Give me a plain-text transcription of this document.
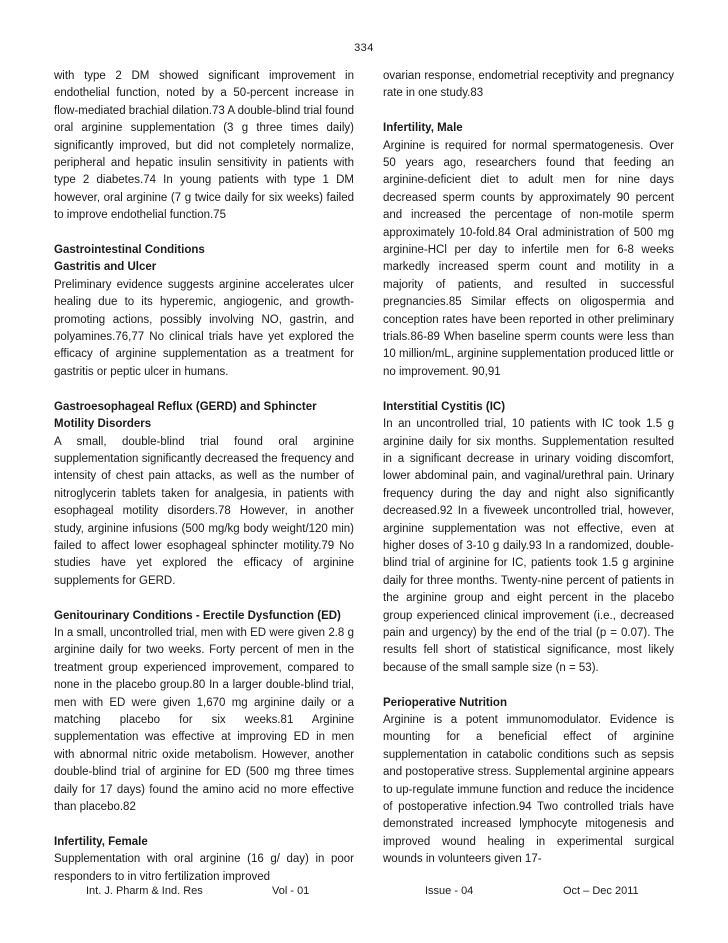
334

with type 2 DM showed significant improvement in endothelial function, noted by a 50-percent increase in flow-mediated brachial dilation.73 A double-blind trial found oral arginine supplementation (3 g three times daily) significantly improved, but did not completely normalize, peripheral and hepatic insulin sensitivity in patients with type 2 diabetes.74 In young patients with type 1 DM however, oral arginine (7 g twice daily for six weeks) failed to improve endothelial function.75

Gastrointestinal Conditions
Gastritis and Ulcer

Preliminary evidence suggests arginine accelerates ulcer healing due to its hyperemic, angiogenic, and growth-promoting actions, possibly involving NO, gastrin, and polyamines.76,77 No clinical trials have yet explored the efficacy of arginine supplementation as a treatment for gastritis or peptic ulcer in humans.

Gastroesophageal Reflux (GERD) and Sphincter Motility Disorders

A small, double-blind trial found oral arginine supplementation significantly decreased the frequency and intensity of chest pain attacks, as well as the number of nitroglycerin tablets taken for analgesia, in patients with esophageal motility disorders.78 However, in another study, arginine infusions (500 mg/kg body weight/120 min) failed to affect lower esophageal sphincter motility.79 No studies have yet explored the efficacy of arginine supplements for GERD.

Genitourinary Conditions - Erectile Dysfunction (ED)

In a small, uncontrolled trial, men with ED were given 2.8 g arginine daily for two weeks. Forty percent of men in the treatment group experienced improvement, compared to none in the placebo group.80 In a larger double-blind trial, men with ED were given 1,670 mg arginine daily or a matching placebo for six weeks.81 Arginine supplementation was effective at improving ED in men with abnormal nitric oxide metabolism. However, another double-blind trial of arginine for ED (500 mg three times daily for 17 days) found the amino acid no more effective than placebo.82

Infertility, Female

Supplementation with oral arginine (16 g/ day) in poor responders to in vitro fertilization improved

ovarian response, endometrial receptivity and pregnancy rate in one study.83

Infertility, Male

Arginine is required for normal spermatogenesis. Over 50 years ago, researchers found that feeding an arginine-deficient diet to adult men for nine days decreased sperm counts by approximately 90 percent and increased the percentage of non-motile sperm approximately 10-fold.84 Oral administration of 500 mg arginine-HCl per day to infertile men for 6-8 weeks markedly increased sperm count and motility in a majority of patients, and resulted in successful pregnancies.85 Similar effects on oligospermia and conception rates have been reported in other preliminary trials.86-89 When baseline sperm counts were less than 10 million/mL, arginine supplementation produced little or no improvement. 90,91

Interstitial Cystitis (IC)

In an uncontrolled trial, 10 patients with IC took 1.5 g arginine daily for six months. Supplementation resulted in a significant decrease in urinary voiding discomfort, lower abdominal pain, and vaginal/urethral pain. Urinary frequency during the day and night also significantly decreased.92 In a fiveweek uncontrolled trial, however, arginine supplementation was not effective, even at higher doses of 3-10 g daily.93 In a randomized, double-blind trial of arginine for IC, patients took 1.5 g arginine daily for three months. Twenty-nine percent of patients in the arginine group and eight percent in the placebo group experienced clinical improvement (i.e., decreased pain and urgency) by the end of the trial (p = 0.07). The results fell short of statistical significance, most likely because of the small sample size (n = 53).

Perioperative Nutrition

Arginine is a potent immunomodulator. Evidence is mounting for a beneficial effect of arginine supplementation in catabolic conditions such as sepsis and postoperative stress. Supplemental arginine appears to up-regulate immune function and reduce the incidence of postoperative infection.94 Two controlled trials have demonstrated increased lymphocyte mitogenesis and improved wound healing in experimental surgical wounds in volunteers given 17-

Int. J. Pharm & Ind. Res	Vol - 01	Issue - 04	Oct – Dec 2011
